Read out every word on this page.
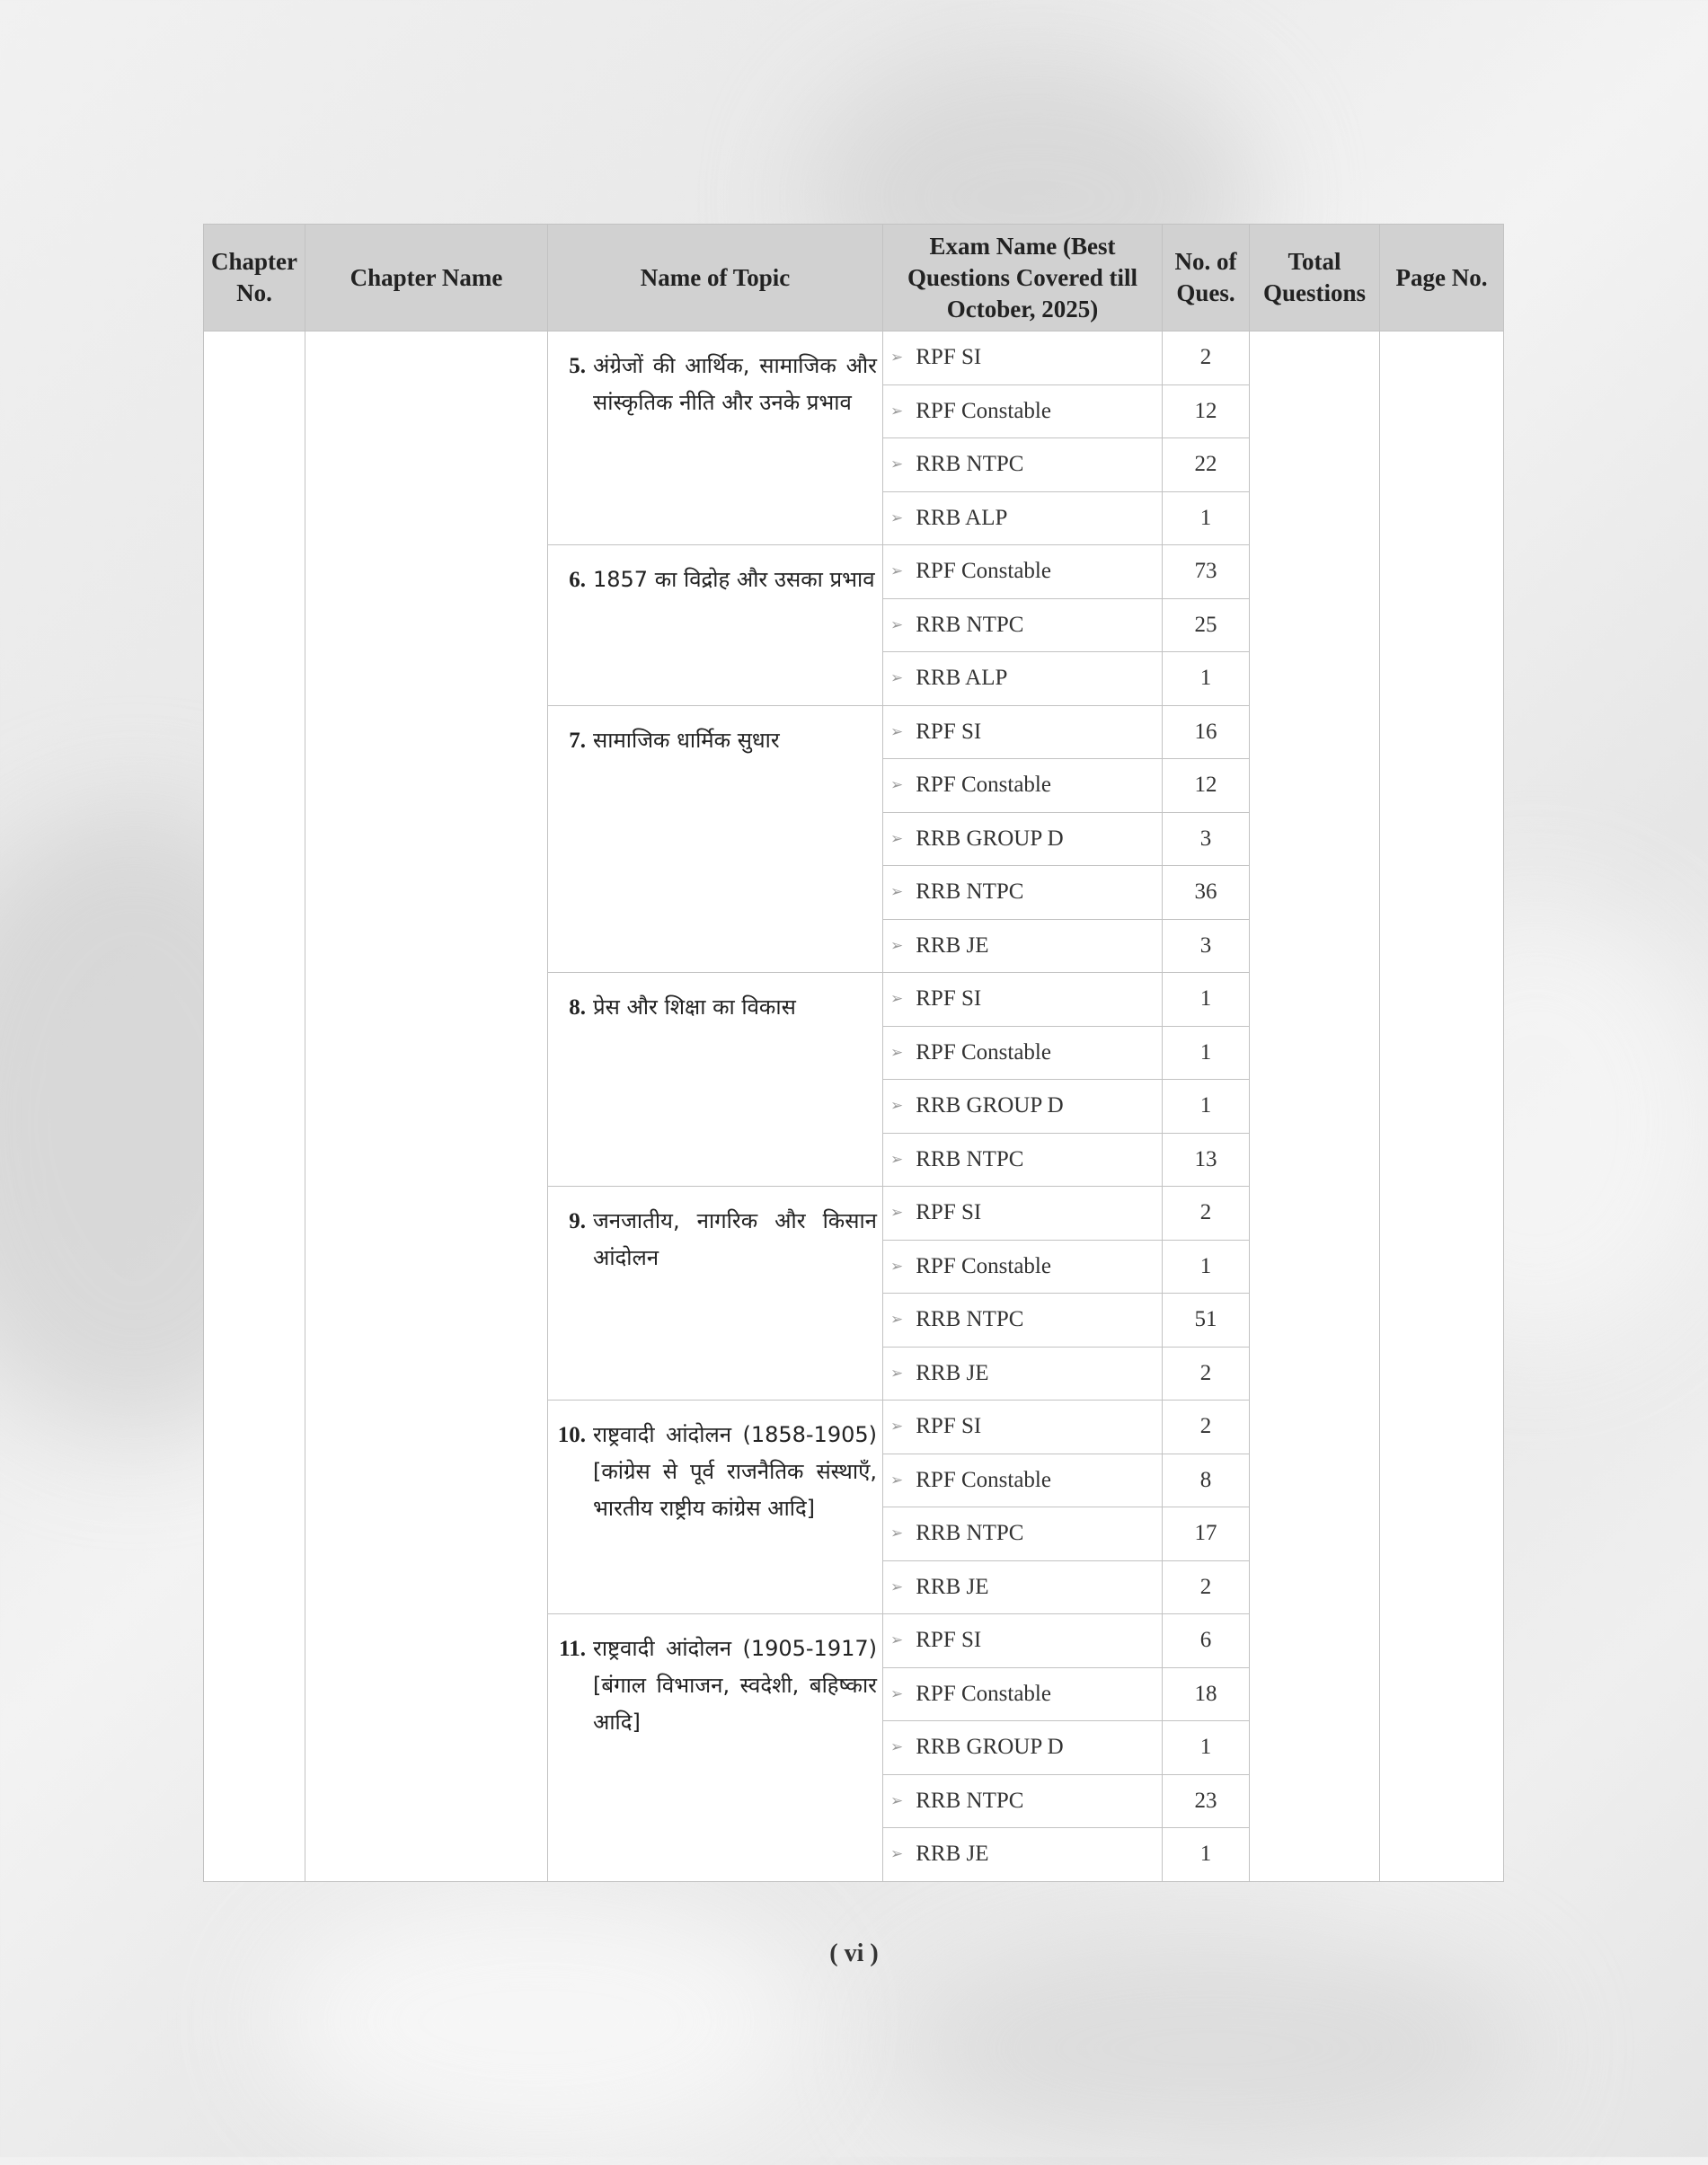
Chapter No.	Chapter Name	Name of Topic	Exam Name (Best Questions Covered till October, 2025)	No. of Ques.	Total Questions	Page No.

		5. अंग्रेजों की आर्थिक, सामाजिक और सांस्कृतिक नीति और उनके प्रभाव	➢ RPF SI	2		
			➢ RPF Constable	12		
			➢ RRB NTPC	22		
			➢ RRB ALP	1		

		6. 1857 का विद्रोह और उसका प्रभाव	➢ RPF Constable	73		
			➢ RRB NTPC	25		
			➢ RRB ALP	1		

		7. सामाजिक धार्मिक सुधार	➢ RPF SI	16		
			➢ RPF Constable	12		
			➢ RRB GROUP D	3		
			➢ RRB NTPC	36		
			➢ RRB JE	3		

		8. प्रेस और शिक्षा का विकास	➢ RPF SI	1		
			➢ RPF Constable	1		
			➢ RRB GROUP D	1		
			➢ RRB NTPC	13		

		9. जनजातीय, नागरिक और किसान आंदोलन	➢ RPF SI	2		
			➢ RPF Constable	1		
			➢ RRB NTPC	51		
			➢ RRB JE	2		

		10. राष्ट्रवादी आंदोलन (1858-1905) [कांग्रेस से पूर्व राजनैतिक संस्थाएँ, भारतीय राष्ट्रीय कांग्रेस आदि]	➢ RPF SI	2		
			➢ RPF Constable	8		
			➢ RRB NTPC	17		
			➢ RRB JE	2		

		11. राष्ट्रवादी आंदोलन (1905-1917) [बंगाल विभाजन, स्वदेशी, बहिष्कार आदि]	➢ RPF SI	6		
			➢ RPF Constable	18		
			➢ RRB GROUP D	1		
			➢ RRB NTPC	23		
			➢ RRB JE	1		
( vi )
